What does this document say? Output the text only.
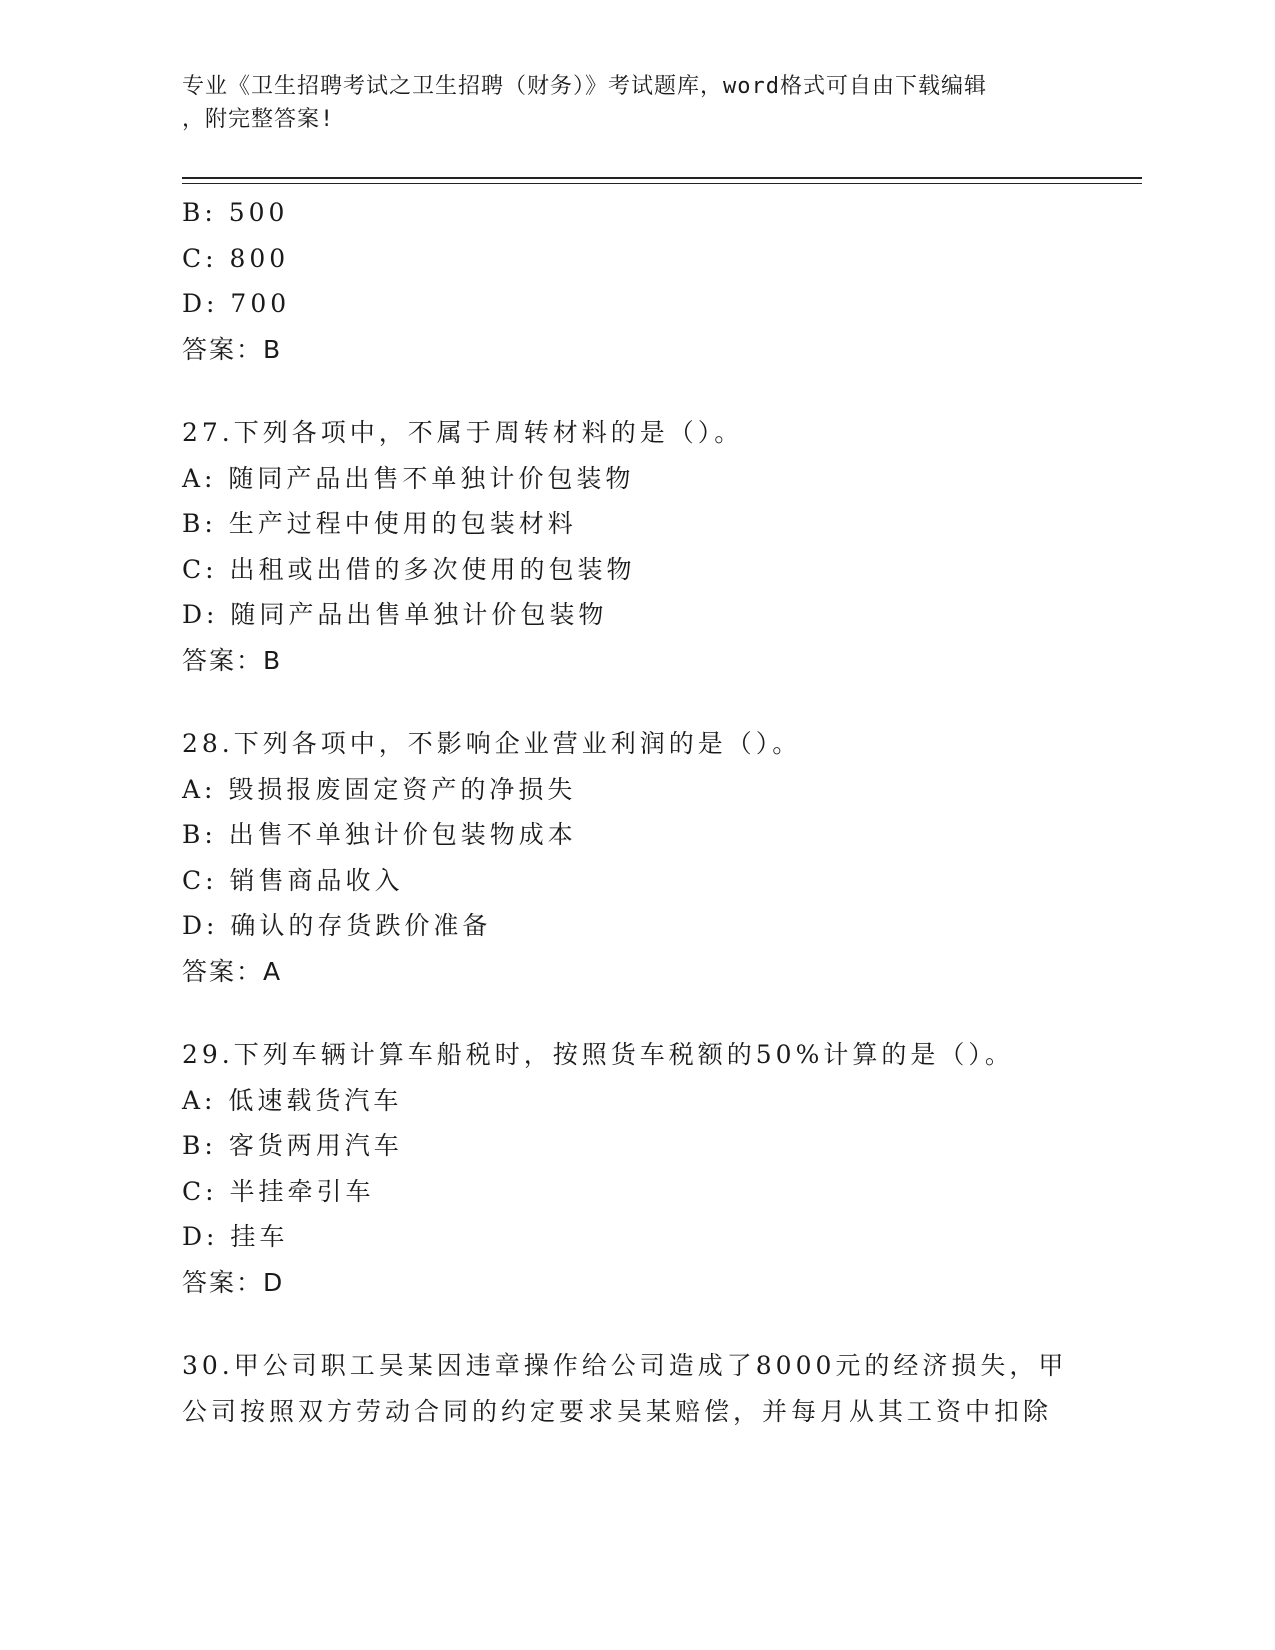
专业《卫生招聘考试之卫生招聘（财务）》考试题库，word格式可自由下载编辑
，附完整答案!
B: 500
C: 800
D: 700
答案：B
27.下列各项中，不属于周转材料的是（）。
A: 随同产品出售不单独计价包装物
B: 生产过程中使用的包装材料
C: 出租或出借的多次使用的包装物
D: 随同产品出售单独计价包装物
答案：B
28.下列各项中，不影响企业营业利润的是（）。
A: 毁损报废固定资产的净损失
B: 出售不单独计价包装物成本
C: 销售商品收入
D: 确认的存货跌价准备
答案：A
29.下列车辆计算车船税时，按照货车税额的50%计算的是（）。
A: 低速载货汽车
B: 客货两用汽车
C: 半挂牵引车
D: 挂车
答案：D
30.甲公司职工吴某因违章操作给公司造成了8000元的经济损失，甲
公司按照双方劳动合同的约定要求吴某赔偿，并每月从其工资中扣除
